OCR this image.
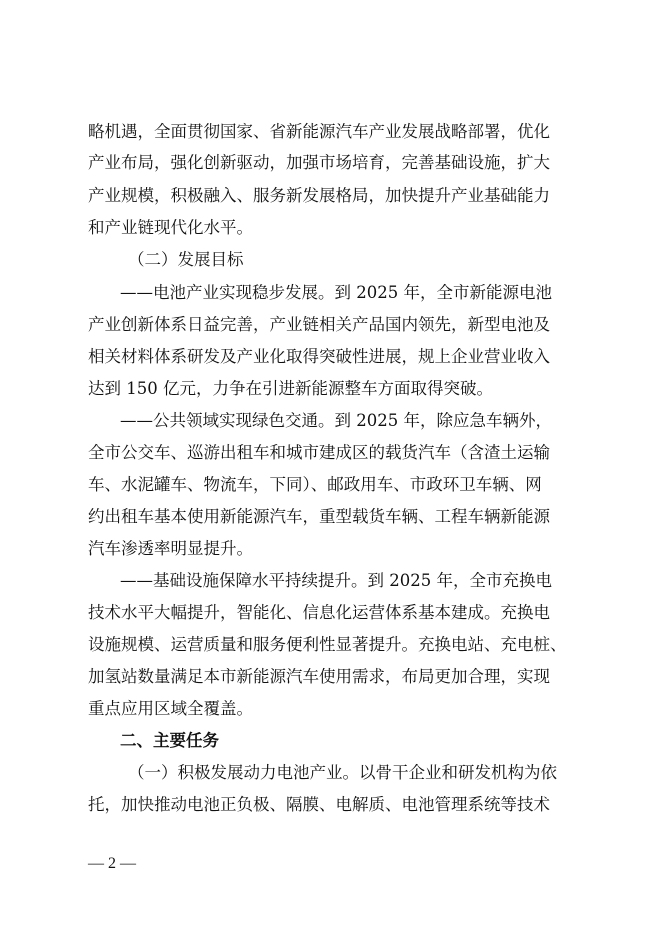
略机遇，全面贯彻国家、省新能源汽车产业发展战略部署，优化
产业布局，强化创新驱动，加强市场培育，完善基础设施，扩大
产业规模，积极融入、服务新发展格局，加快提升产业基础能力
和产业链现代化水平。
（二）发展目标
——电池产业实现稳步发展。到 2025 年，全市新能源电池
产业创新体系日益完善，产业链相关产品国内领先，新型电池及
相关材料体系研发及产业化取得突破性进展，规上企业营业收入
达到 150 亿元，力争在引进新能源整车方面取得突破。
——公共领域实现绿色交通。到 2025 年，除应急车辆外，
全市公交车、巡游出租车和城市建成区的载货汽车（含渣土运输
车、水泥罐车、物流车，下同）、邮政用车、市政环卫车辆、网
约出租车基本使用新能源汽车，重型载货车辆、工程车辆新能源
汽车渗透率明显提升。
——基础设施保障水平持续提升。到 2025 年，全市充换电
技术水平大幅提升，智能化、信息化运营体系基本建成。充换电
设施规模、运营质量和服务便利性显著提升。充换电站、充电桩、
加氢站数量满足本市新能源汽车使用需求，布局更加合理，实现
重点应用区域全覆盖。
二、主要任务
（一）积极发展动力电池产业。以骨干企业和研发机构为依
托，加快推动电池正负极、隔膜、电解质、电池管理系统等技术
— 2 —
